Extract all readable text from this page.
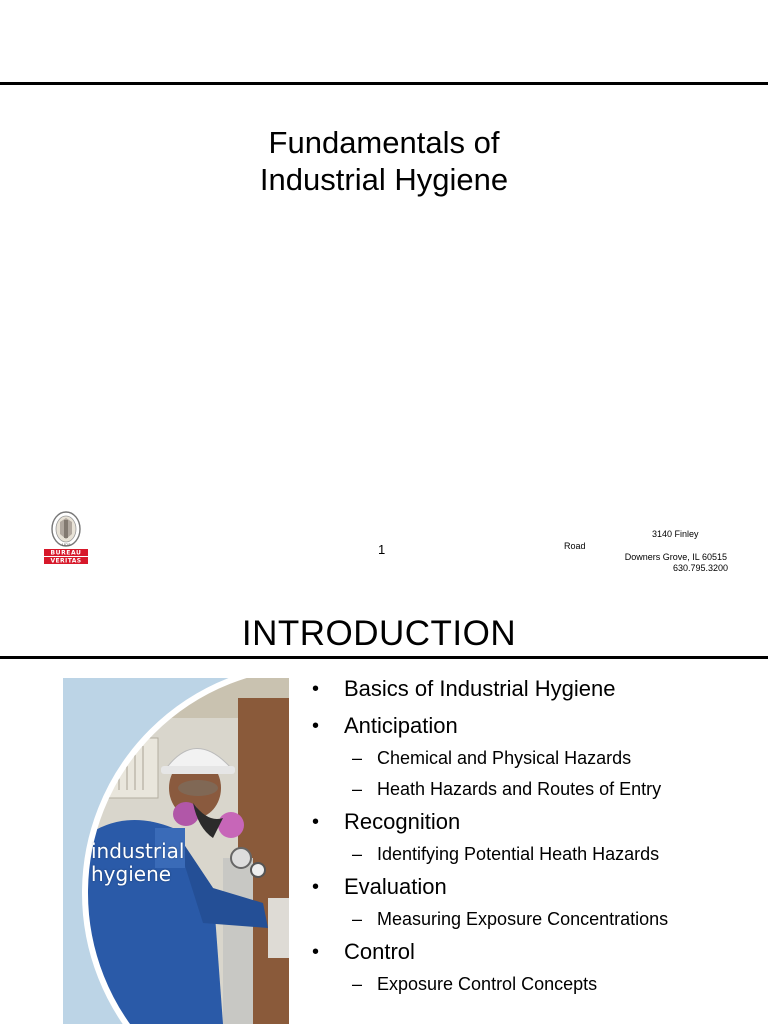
Fundamentals of
Industrial Hygiene
1828
BUREAU
VERITAS
1
3140 Finley
Road
Downers Grove, IL 60515
630.795.3200
INTRODUCTION
industrial
hygiene
• Basics of Industrial Hygiene
• Anticipation
– Chemical and Physical Hazards
– Heath Hazards and Routes of Entry
• Recognition
– Identifying Potential Heath Hazards
• Evaluation
– Measuring Exposure Concentrations
• Control
– Exposure Control Concepts
